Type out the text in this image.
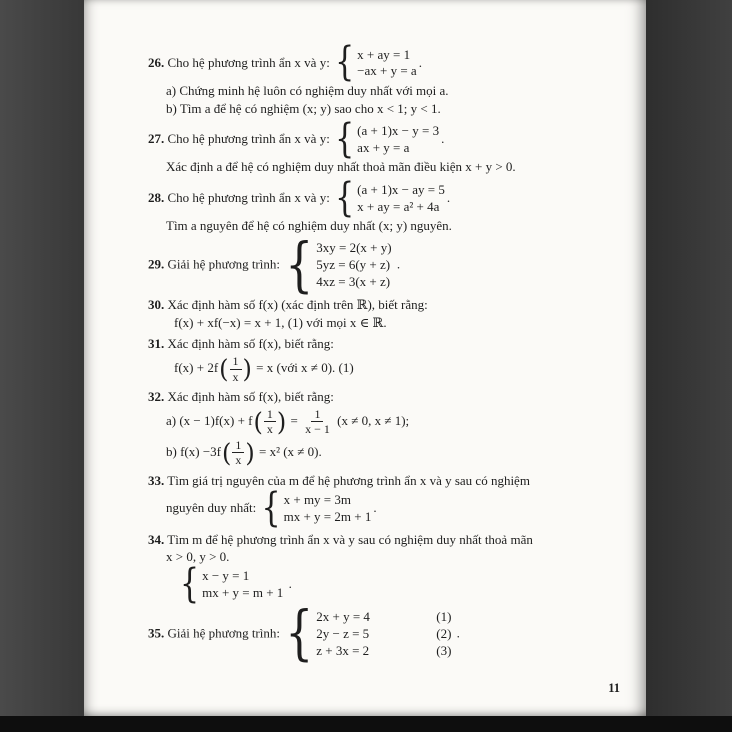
26. Cho hệ phương trình ẩn x và y: { x + ay = 1
−ax + y = a
.
a) Chứng minh hệ luôn có nghiệm duy nhất với mọi a.
b) Tìm a để hệ có nghiệm (x; y) sao cho x < 1; y < 1.
27. Cho hệ phương trình ẩn x và y: { (a + 1)x − y = 3
ax + y = a
.
Xác định a để hệ có nghiệm duy nhất thoả mãn điều kiện x + y > 0.
28. Cho hệ phương trình ẩn x và y: { (a + 1)x − ay = 5
x + ay = a² + 4a
.
Tìm a nguyên để hệ có nghiệm duy nhất (x; y) nguyên.
29. Giải hệ phương trình: { 3xy = 2(x + y)
5yz = 6(y + z)
4xz = 3(x + z)
.
30. Xác định hàm số f(x) (xác định trên ℝ), biết rằng:
f(x) + xf(−x) = x + 1, (1) với mọi x ∈ ℝ.
31. Xác định hàm số f(x), biết rằng:
f(x) + 2f ( $\frac{1}{x}$ ) = x (với x ≠ 0). (1)
32. Xác định hàm số f(x), biết rằng:
a) (x − 1)f(x) + f ( $\frac{1}{x}$ ) = $\frac{1}{x - 1} (x \ne 0$, x ≠ 1);
b) f(x) −3f ( $\frac{1}{x}$ ) = x² (x ≠ 0).
33. Tìm giá trị nguyên của m để hệ phương trình ẩn x và y sau có nghiệm
nguyên duy nhất: { x + my = 3m
mx + y = 2m + 1
.
34. Tìm m để hệ phương trình ẩn x và y sau có nghiệm duy nhất thoả mãn
x > 0, y > 0.
{ x − y = 1
mx + y = m + 1
.
35. Giải hệ phương trình: { 2x + y = 4	(1)
2y − z = 5	(2)
z + 3x = 2	(3)
.
11
